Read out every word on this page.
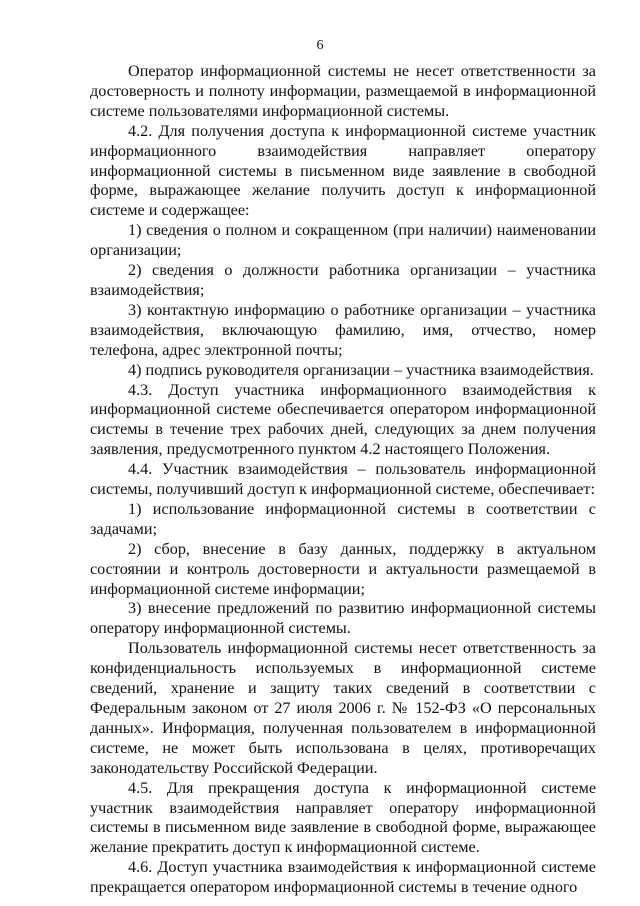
6

Оператор информационной системы не несет ответственности за достоверность и полноту информации, размещаемой в информационной системе пользователями информационной системы.

4.2. Для получения доступа к информационной системе участник информационного взаимодействия направляет оператору информационной системы в письменном виде заявление в свободной форме, выражающее желание получить доступ к информационной системе и содержащее:

1) сведения о полном и сокращенном (при наличии) наименовании организации;

2) сведения о должности работника организации – участника взаимодействия;

3) контактную информацию о работнике организации – участника взаимодействия, включающую фамилию, имя, отчество, номер телефона, адрес электронной почты;

4) подпись руководителя организации – участника взаимодействия.

4.3. Доступ участника информационного взаимодействия к информационной системе обеспечивается оператором информационной системы в течение трех рабочих дней, следующих за днем получения заявления, предусмотренного пунктом 4.2 настоящего Положения.

4.4. Участник взаимодействия – пользователь информационной системы, получивший доступ к информационной системе, обеспечивает:

1) использование информационной системы в соответствии с задачами;

2) сбор, внесение в базу данных, поддержку в актуальном состоянии и контроль достоверности и актуальности размещаемой в информационной системе информации;

3) внесение предложений по развитию информационной системы оператору информационной системы.

Пользователь информационной системы несет ответственность за конфиденциальность используемых в информационной системе сведений, хранение и защиту таких сведений в соответствии с Федеральным законом от 27 июля 2006 г. № 152-ФЗ «О персональных данных». Информация, полученная пользователем в информационной системе, не может быть использована в целях, противоречащих законодательству Российской Федерации.

4.5. Для прекращения доступа к информационной системе участник взаимодействия направляет оператору информационной системы в письменном виде заявление в свободной форме, выражающее желание прекратить доступ к информационной системе.

4.6. Доступ участника взаимодействия к информационной системе прекращается оператором информационной системы в течение одного
